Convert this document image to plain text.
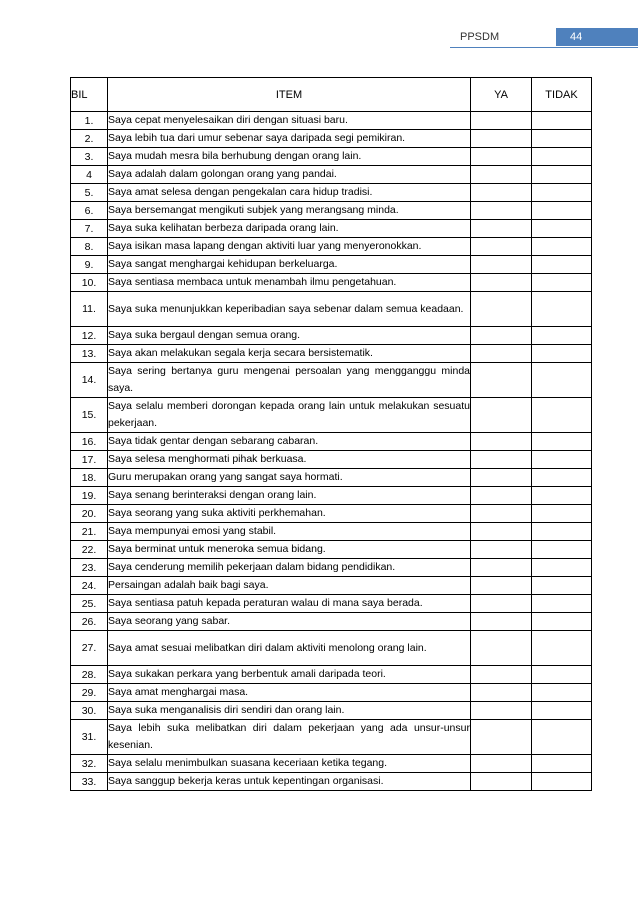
PPSDM	44
BIL	ITEM	YA	TIDAK
1.	Saya cepat menyelesaikan diri dengan situasi baru.		
2.	Saya lebih tua dari umur sebenar saya daripada segi pemikiran.		
3.	Saya mudah mesra bila berhubung dengan orang lain.		
4	Saya adalah dalam golongan orang yang pandai.		
5.	Saya amat selesa dengan pengekalan cara hidup tradisi.		
6.	Saya bersemangat mengikuti subjek yang merangsang minda.		
7.	Saya suka kelihatan berbeza daripada orang lain.		
8.	Saya isikan masa lapang dengan aktiviti luar yang menyeronokkan.		
9.	Saya sangat menghargai kehidupan berkeluarga.		
10.	Saya sentiasa membaca untuk menambah ilmu pengetahuan.		
11.	Saya suka menunjukkan keperibadian saya sebenar dalam semua keadaan.		
12.	Saya suka bergaul dengan semua orang.		
13.	Saya akan melakukan segala kerja secara bersistematik.		
14.	Saya sering bertanya guru mengenai persoalan yang mengganggu minda saya.		
15.	Saya selalu memberi dorongan kepada orang lain untuk melakukan sesuatu pekerjaan.		
16.	Saya tidak gentar dengan sebarang cabaran.		
17.	Saya selesa menghormati pihak berkuasa.		
18.	Guru merupakan orang yang sangat saya hormati.		
19.	Saya senang berinteraksi dengan orang lain.		
20.	Saya seorang yang suka aktiviti perkhemahan.		
21.	Saya mempunyai emosi yang stabil.		
22.	Saya berminat untuk meneroka semua bidang.		
23.	Saya cenderung memilih pekerjaan dalam bidang pendidikan.		
24.	Persaingan adalah baik bagi saya.		
25.	Saya sentiasa patuh kepada peraturan walau di mana saya berada.		
26.	Saya seorang yang sabar.		
27.	Saya amat sesuai melibatkan diri dalam aktiviti menolong orang lain.		
28.	Saya sukakan perkara yang berbentuk amali daripada teori.		
29.	Saya amat menghargai masa.		
30.	Saya suka menganalisis diri sendiri dan orang lain.		
31.	Saya lebih suka melibatkan diri dalam pekerjaan yang ada unsur-unsur kesenian.		
32.	Saya selalu menimbulkan suasana keceriaan ketika tegang.		
33.	Saya sanggup bekerja keras untuk kepentingan organisasi.		
